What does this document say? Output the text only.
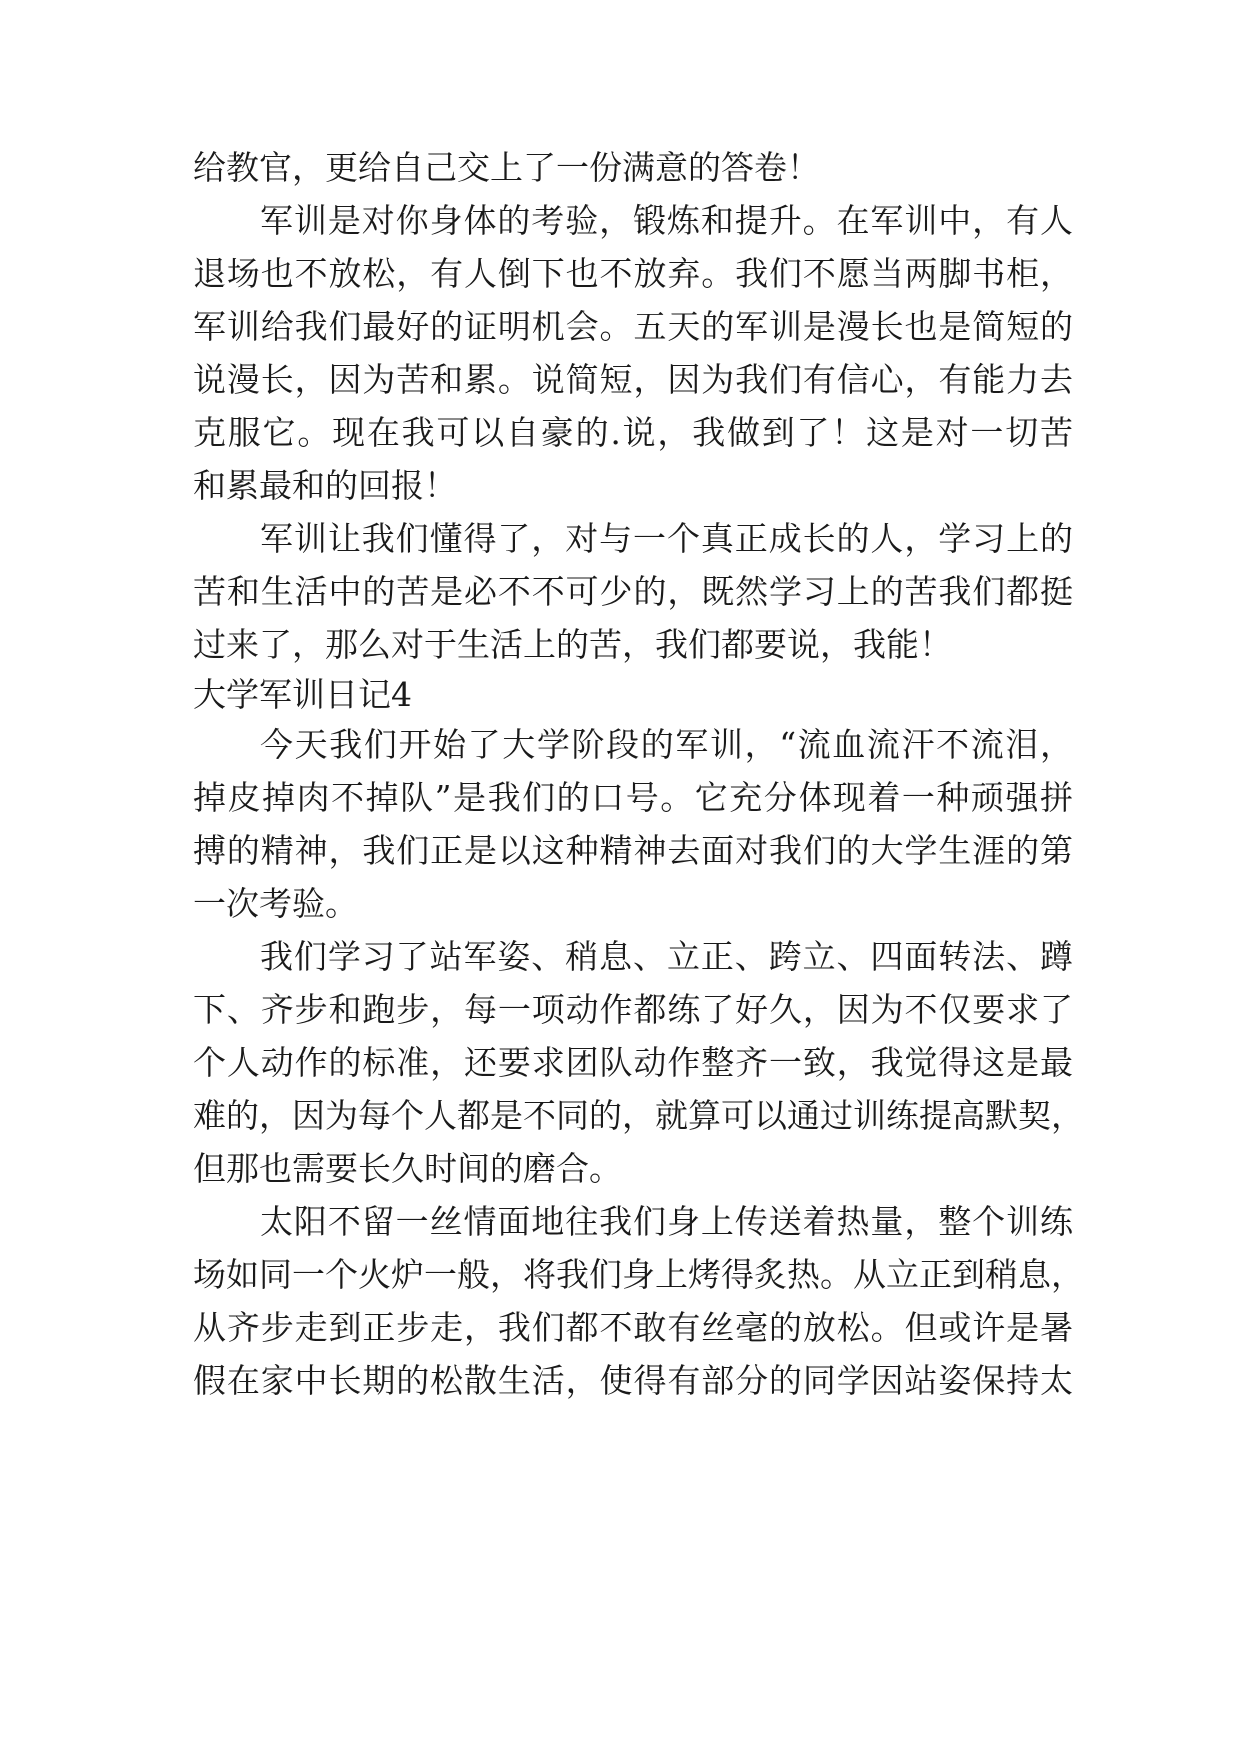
给教官，更给自己交上了一份满意的答卷！
军训是对你身体的考验，锻炼和提升。在军训中，有人
退场也不放松，有人倒下也不放弃。我们不愿当两脚书柜，
军训给我们最好的证明机会。五天的军训是漫长也是简短的
说漫长，因为苦和累。说简短，因为我们有信心，有能力去
克服它。现在我可以自豪的.说，我做到了！这是对一切苦
和累最和的回报！
军训让我们懂得了，对与一个真正成长的人，学习上的
苦和生活中的苦是必不不可少的，既然学习上的苦我们都挺
过来了，那么对于生活上的苦，我们都要说，我能！
大学军训日记4
今天我们开始了大学阶段的军训，“流血流汗不流泪，
掉皮掉肉不掉队”是我们的口号。它充分体现着一种顽强拼
搏的精神，我们正是以这种精神去面对我们的大学生涯的第
一次考验。
我们学习了站军姿、稍息、立正、跨立、四面转法、蹲
下、齐步和跑步，每一项动作都练了好久，因为不仅要求了
个人动作的标准，还要求团队动作整齐一致，我觉得这是最
难的，因为每个人都是不同的，就算可以通过训练提高默契，
但那也需要长久时间的磨合。
太阳不留一丝情面地往我们身上传送着热量，整个训练
场如同一个火炉一般，将我们身上烤得炙热。从立正到稍息，
从齐步走到正步走，我们都不敢有丝毫的放松。但或许是暑
假在家中长期的松散生活，使得有部分的同学因站姿保持太
